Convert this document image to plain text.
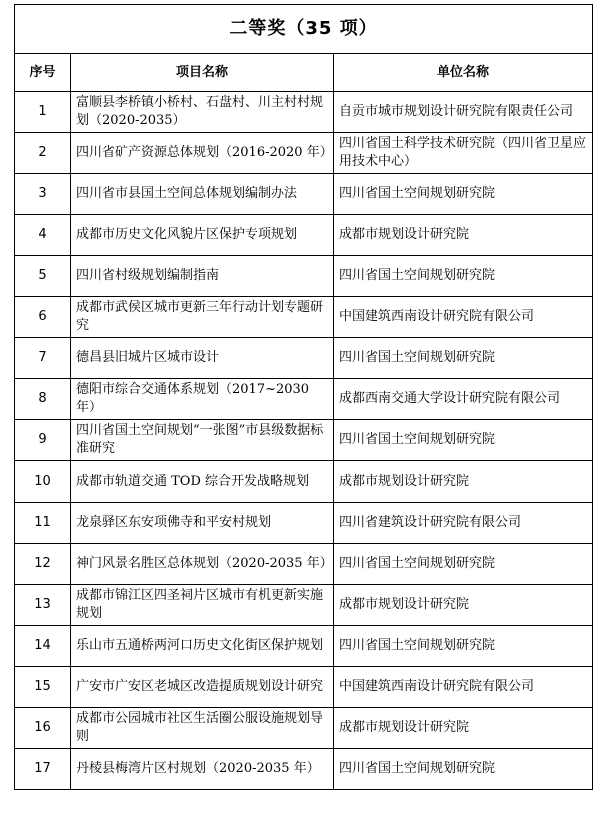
二等奖（35 项）		
序号	项目名称	单位名称
1	富顺县李桥镇小桥村、石盘村、川主村村规划（2020-2035）	自贡市城市规划设计研究院有限责任公司
2	四川省矿产资源总体规划（2016-2020 年）	四川省国土科学技术研究院（四川省卫星应用技术中心）
3	四川省市县国土空间总体规划编制办法	四川省国土空间规划研究院
4	成都市历史文化风貌片区保护专项规划	成都市规划设计研究院
5	四川省村级规划编制指南	四川省国土空间规划研究院
6	成都市武侯区城市更新三年行动计划专题研究	中国建筑西南设计研究院有限公司
7	德昌县旧城片区城市设计	四川省国土空间规划研究院
8	德阳市综合交通体系规划（2017~2030 年）	成都西南交通大学设计研究院有限公司
9	四川省国土空间规划“一张图”市县级数据标准研究	四川省国土空间规划研究院
10	成都市轨道交通 TOD 综合开发战略规划	成都市规划设计研究院
11	龙泉驿区东安项佛寺和平安村规划	四川省建筑设计研究院有限公司
12	神门风景名胜区总体规划（2020-2035 年）	四川省国土空间规划研究院
13	成都市锦江区四圣祠片区城市有机更新实施规划	成都市规划设计研究院
14	乐山市五通桥两河口历史文化街区保护规划	四川省国土空间规划研究院
15	广安市广安区老城区改造提质规划设计研究	中国建筑西南设计研究院有限公司
16	成都市公园城市社区生活圈公服设施规划导则	成都市规划设计研究院
17	丹棱县梅湾片区村规划（2020-2035 年）	四川省国土空间规划研究院
